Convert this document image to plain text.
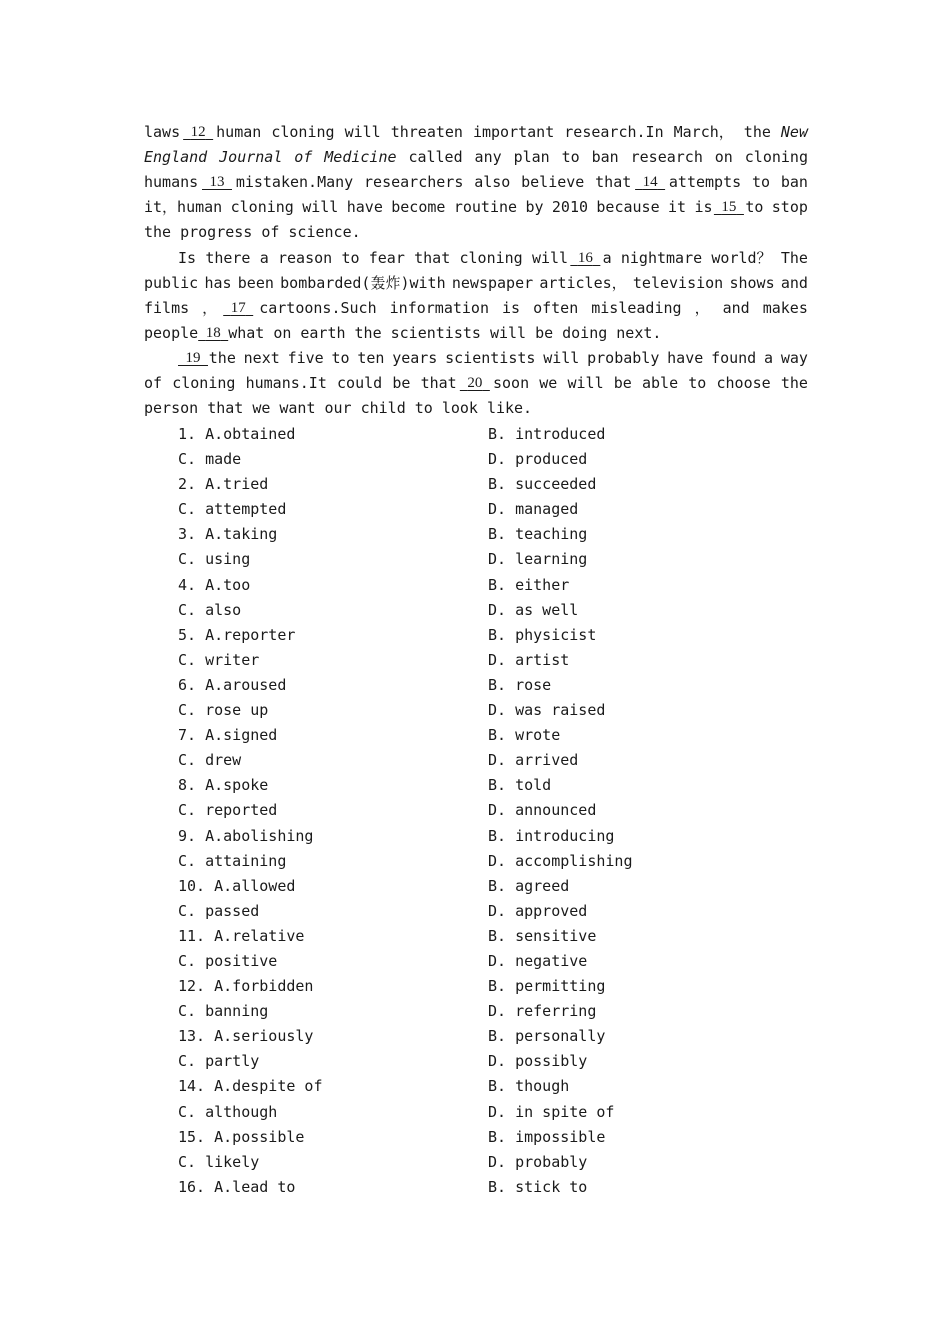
laws 12 human cloning will threaten important research.In March， the New
England Journal of Medicine called any plan to ban research on cloning
humans 13 mistaken.Many researchers also believe that 14 attempts to ban
it，human cloning will have become routine by 2010 because it is 15 to stop
the progress of science.
Is there a reason to fear that cloning will 16 a nightmare world？ The
public has been bombarded(轰炸)with newspaper articles， television shows and
films ， 17 cartoons.Such information is often misleading ， and makes
people 18 what on earth the scientists will be doing next.
19 the next five to ten years scientists will probably have found a way
of cloning humans.It could be that 20 soon we will be able to choose the
person that we want our child to look like.
1. A.obtained	B. introduced
C. made	D. produced
2. A.tried	B. succeeded
C. attempted	D. managed
3. A.taking	B. teaching
C. using	D. learning
4. A.too	B. either
C. also	D. as well
5. A.reporter	B. physicist
C. writer	D. artist
6. A.aroused	B. rose
C. rose up	D. was raised
7. A.signed	B. wrote
C. drew	D. arrived
8. A.spoke	B. told
C. reported	D. announced
9. A.abolishing	B. introducing
C. attaining	D. accomplishing
10. A.allowed	B. agreed
C. passed	D. approved
11. A.relative	B. sensitive
C. positive	D. negative
12. A.forbidden	B. permitting
C. banning	D. referring
13. A.seriously	B. personally
C. partly	D. possibly
14. A.despite of	B. though
C. although	D. in spite of
15. A.possible	B. impossible
C. likely	D. probably
16. A.lead to	B. stick to
